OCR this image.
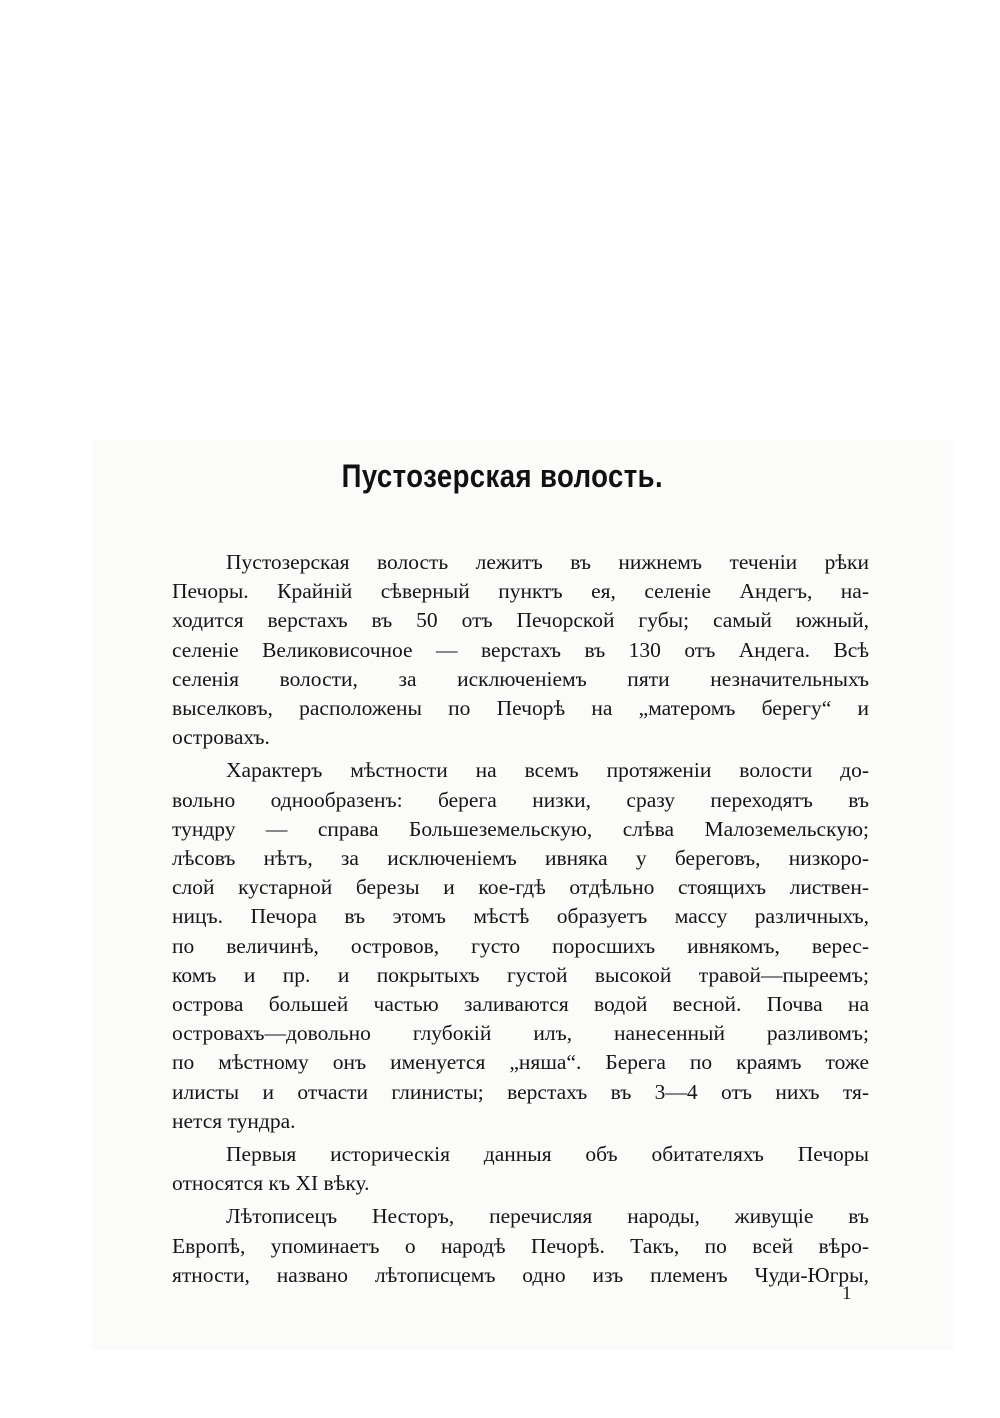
Пустозерская волость.

Пустозерская волость лежитъ въ нижнемъ теченіи рѣки
Печоры. Крайній сѣверный пунктъ ея, селеніе Андегъ, на-
ходится верстахъ въ 50 отъ Печорской губы; самый южный,
селеніе Великовисочное — верстахъ въ 130 отъ Андега. Всѣ
селенія волости, за исключеніемъ пяти незначительныхъ
выселковъ, расположены по Печорѣ на „матеромъ берегу“ и
островахъ.

Характеръ мѣстности на всемъ протяженіи волости до-
вольно однообразенъ: берега низки, сразу переходятъ въ
тундру — справа Большеземельскую, слѣва Малоземельскую;
лѣсовъ нѣтъ, за исключеніемъ ивняка у береговъ, низкоро-
слой кустарной березы и кое-гдѣ отдѣльно стоящихъ листвен-
ницъ. Печора въ этомъ мѣстѣ образуетъ массу различныхъ,
по величинѣ, островов, густо поросшихъ ивнякомъ, верес-
комъ и пр. и покрытыхъ густой высокой травой—пыреемъ;
острова большей частью заливаются водой весной. Почва на
островахъ—довольно глубокій илъ, нанесенный разливомъ;
по мѣстному онъ именуется „няша“. Берега по краямъ тоже
илисты и отчасти глинисты; верстахъ въ 3—4 отъ нихъ тя-
нется тундра.

Первыя историческія данныя объ обитателяхъ Печоры
относятся къ XI вѣку.

Лѣтописецъ Несторъ, перечисляя народы, живущіе въ
Европѣ, упоминаетъ о народѣ Печорѣ. Такъ, по всей вѣро-
ятности, названо лѣтописцемъ одно изъ племенъ Чуди-Югры,

1
